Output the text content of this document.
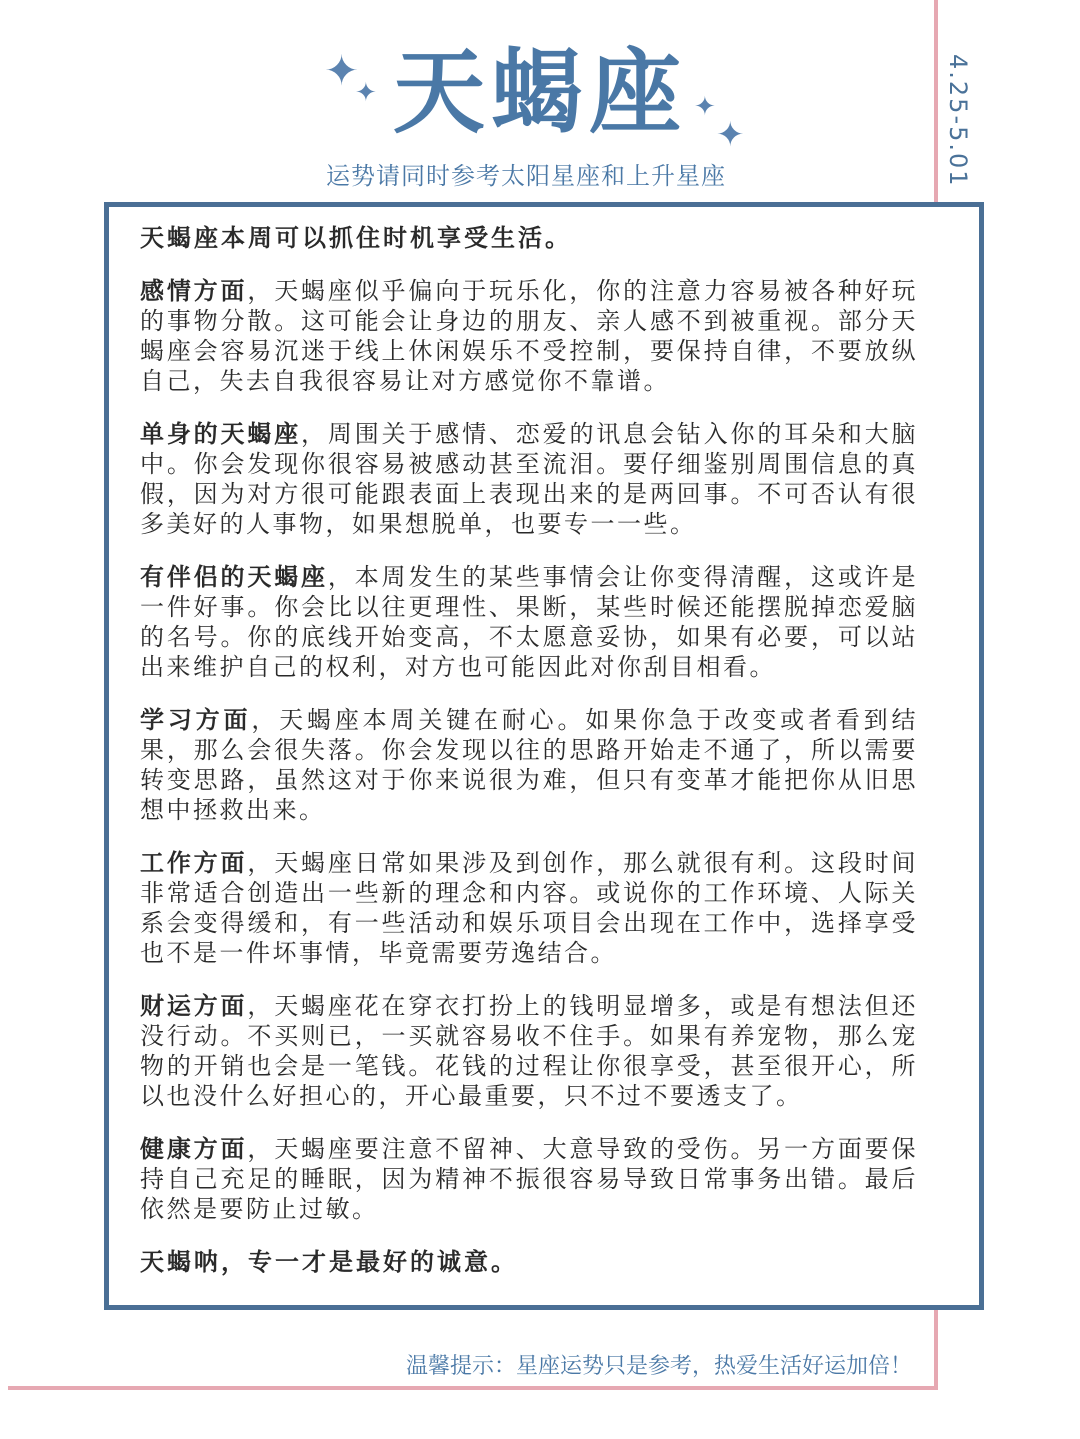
4.25-5.01
✦
✦	✦
✦
天蝎座
运势请同时参考太阳星座和上升星座

天蝎座本周可以抓住时机享受生活。

感情方面，天蝎座似乎偏向于玩乐化，你的注意力容易被各种好玩的事物分散。这可能会让身边的朋友、亲人感不到被重视。部分天蝎座会容易沉迷于线上休闲娱乐不受控制，要保持自律，不要放纵自己，失去自我很容易让对方感觉你不靠谱。

单身的天蝎座，周围关于感情、恋爱的讯息会钻入你的耳朵和大脑中。你会发现你很容易被感动甚至流泪。要仔细鉴别周围信息的真假，因为对方很可能跟表面上表现出来的是两回事。不可否认有很多美好的人事物，如果想脱单，也要专一一些。

有伴侣的天蝎座，本周发生的某些事情会让你变得清醒，这或许是一件好事。你会比以往更理性、果断，某些时候还能摆脱掉恋爱脑的名号。你的底线开始变高，不太愿意妥协，如果有必要，可以站出来维护自己的权利，对方也可能因此对你刮目相看。

学习方面，天蝎座本周关键在耐心。如果你急于改变或者看到结果，那么会很失落。你会发现以往的思路开始走不通了，所以需要转变思路，虽然这对于你来说很为难，但只有变革才能把你从旧思想中拯救出来。

工作方面，天蝎座日常如果涉及到创作，那么就很有利。这段时间非常适合创造出一些新的理念和内容。或说你的工作环境、人际关系会变得缓和，有一些活动和娱乐项目会出现在工作中，选择享受也不是一件坏事情，毕竟需要劳逸结合。

财运方面，天蝎座花在穿衣打扮上的钱明显增多，或是有想法但还没行动。不买则已，一买就容易收不住手。如果有养宠物，那么宠物的开销也会是一笔钱。花钱的过程让你很享受，甚至很开心，所以也没什么好担心的，开心最重要，只不过不要透支了。

健康方面，天蝎座要注意不留神、大意导致的受伤。另一方面要保持自己充足的睡眠，因为精神不振很容易导致日常事务出错。最后依然是要防止过敏。

天蝎呐，专一才是最好的诚意。

温馨提示：星座运势只是参考，热爱生活好运加倍！
